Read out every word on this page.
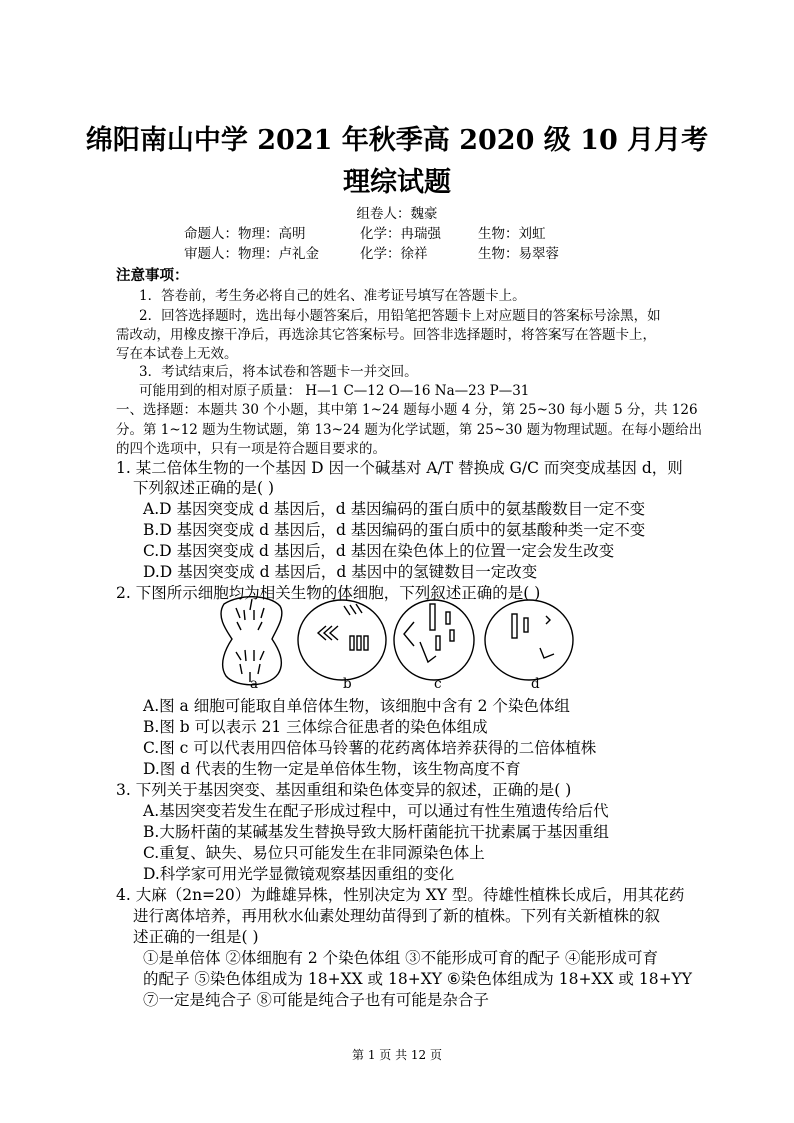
绵阳南山中学 2021 年秋季高 2020 级 10 月月考
理综试题
组卷人：魏豪
命题人：物理：高明	化学：冉瑞强	生物：刘虹
审题人：物理：卢礼金	化学：徐祥	生物：易翠蓉
注意事项：
1．答卷前，考生务必将自己的姓名、准考证号填写在答题卡上。
2．回答选择题时，选出每小题答案后，用铅笔把答题卡上对应题目的答案标号涂黑，如
需改动，用橡皮擦干净后，再选涂其它答案标号。回答非选择题时，将答案写在答题卡上，
写在本试卷上无效。
3．考试结束后，将本试卷和答题卡一并交回。
可能用到的相对原子质量： H—1 C—12 O—16 Na—23 P—31
一、选择题：本题共 30 个小题，其中第 1~24 题每小题 4 分，第 25~30 每小题 5 分，共 126
分。第 1~12 题为生物试题，第 13~24 题为化学试题，第 25~30 题为物理试题。在每小题给出
的四个选项中，只有一项是符合题目要求的。
1. 某二倍体生物的一个基因 D 因一个碱基对 A/T 替换成 G/C 而突变成基因 d，则
下列叙述正确的是( )
A.D 基因突变成 d 基因后，d 基因编码的蛋白质中的氨基酸数目一定不变
B.D 基因突变成 d 基因后，d 基因编码的蛋白质中的氨基酸种类一定不变
C.D 基因突变成 d 基因后，d 基因在染色体上的位置一定会发生改变
D.D 基因突变成 d 基因后，d 基因中的氢键数目一定改变
2. 下图所示细胞均为相关生物的体细胞，下列叙述正确的是( )
a	b	c	d
A.图 a 细胞可能取自单倍体生物，该细胞中含有 2 个染色体组
B.图 b 可以表示 21 三体综合征患者的染色体组成
C.图 c 可以代表用四倍体马铃薯的花药离体培养获得的二倍体植株
D.图 d 代表的生物一定是单倍体生物，该生物高度不育
3. 下列关于基因突变、基因重组和染色体变异的叙述，正确的是( )
A.基因突变若发生在配子形成过程中，可以通过有性生殖遗传给后代
B.大肠杆菌的某碱基发生替换导致大肠杆菌能抗干扰素属于基因重组
C.重复、缺失、易位只可能发生在非同源染色体上
D.科学家可用光学显微镜观察基因重组的变化
4. 大麻（2n=20）为雌雄异株，性别决定为 XY 型。待雄性植株长成后，用其花药
进行离体培养，再用秋水仙素处理幼苗得到了新的植株。下列有关新植株的叙
述正确的一组是( )
①是单倍体 ②体细胞有 2 个染色体组 ③不能形成可育的配子 ④能形成可育
的配子 ⑤染色体组成为 18+XX 或 18+XY ⑥染色体组成为 18+XX 或 18+YY
⑦一定是纯合子 ⑧可能是纯合子也有可能是杂合子
第 1 页 共 12 页
